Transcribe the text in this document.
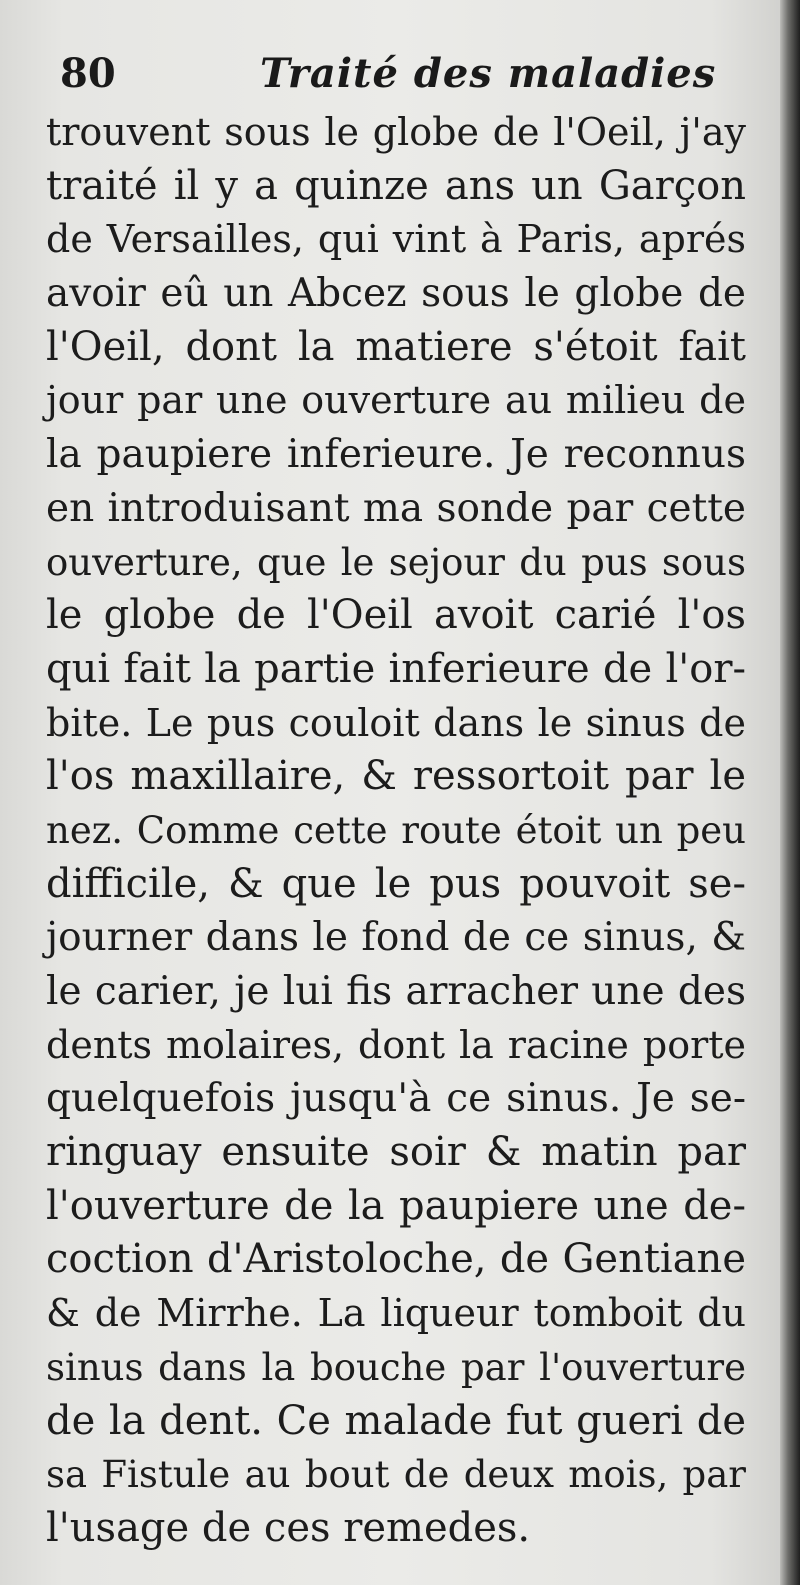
80	Traité des maladies
trouvent sous le globe de l'Oeil, j'ay
traité il y a quinze ans un Garçon
de Versailles, qui vint à Paris, aprés
avoir eû un Abcez sous le globe de
l'Oeil, dont la matiere s'étoit fait
jour par une ouverture au milieu de
la paupiere inferieure. Je reconnus
en introduisant ma sonde par cette
ouverture, que le sejour du pus sous
le globe de l'Oeil avoit carié l'os
qui fait la partie inferieure de l'or-
bite. Le pus couloit dans le sinus de
l'os maxillaire, & ressortoit par le
nez. Comme cette route étoit un peu
difficile, & que le pus pouvoit se-
journer dans le fond de ce sinus, &
le carier, je lui fis arracher une des
dents molaires, dont la racine porte
quelquefois jusqu'à ce sinus. Je se-
ringuay ensuite soir & matin par
l'ouverture de la paupiere une de-
coction d'Aristoloche, de Gentiane
& de Mirrhe. La liqueur tomboit du
sinus dans la bouche par l'ouverture
de la dent. Ce malade fut gueri de
sa Fistule au bout de deux mois, par
l'usage de ces remedes.
